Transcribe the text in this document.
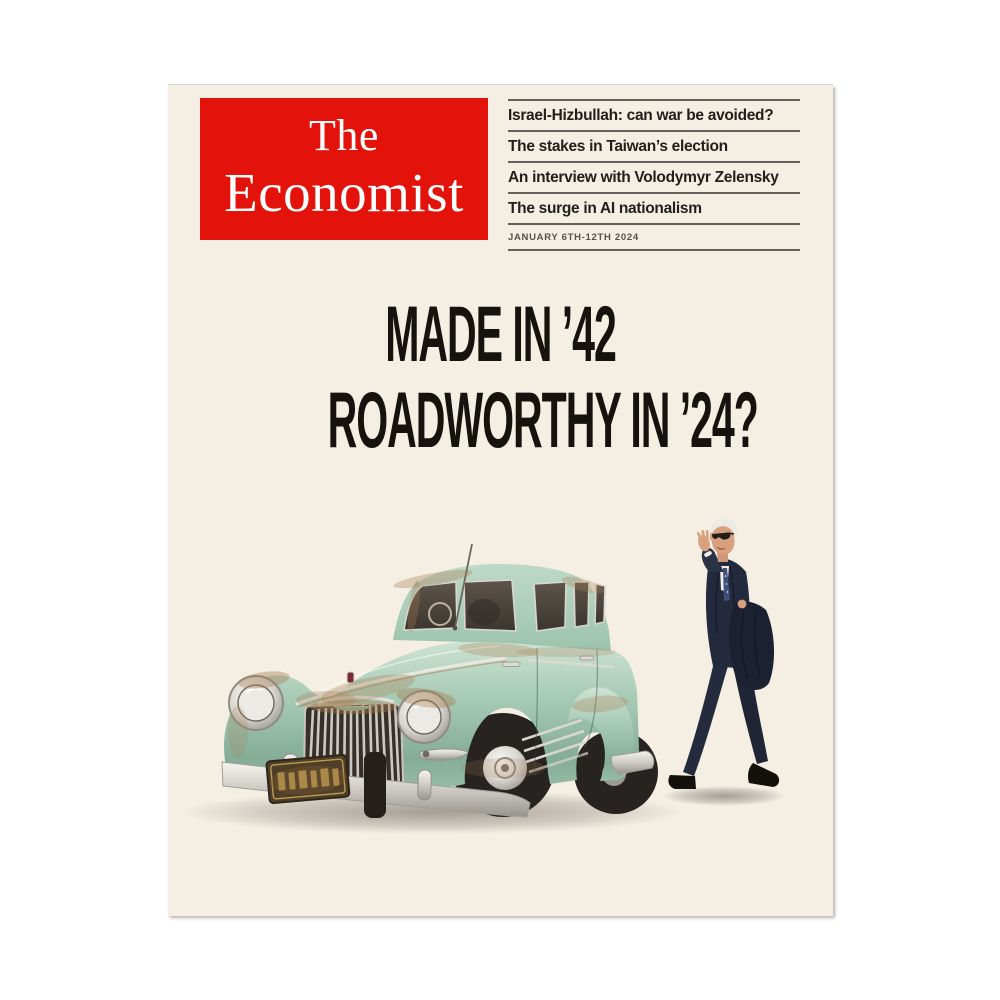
The
Economist
Israel-Hizbullah: can war be avoided?
The stakes in Taiwan’s election
An interview with Volodymyr Zelensky
The surge in AI nationalism
JANUARY 6TH-12TH 2024
MADE IN ’42
ROADWORTHY IN ’24?
